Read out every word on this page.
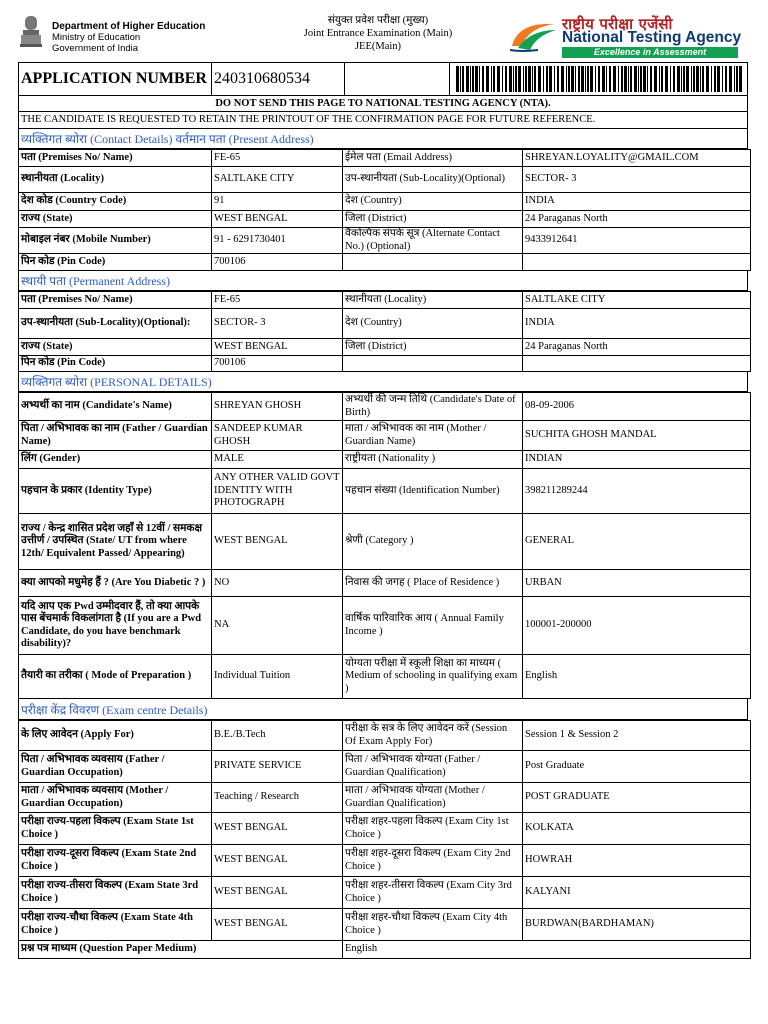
Department of Higher Education
Ministry of Education
Government of India
संयुक्त प्रवेश परीक्षा (मुख्य)
Joint Entrance Examination (Main)
JEE(Main)
राष्ट्रीय परीक्षा एजेंसी
National Testing Agency
Excellence in Assessment
APPLICATION NUMBER 240310680534
DO NOT SEND THIS PAGE TO NATIONAL TESTING AGENCY (NTA).
THE CANDIDATE IS REQUESTED TO RETAIN THE PRINTOUT OF THE CONFIRMATION PAGE FOR FUTURE REFERENCE.
व्यक्तिगत ब्योरा (Contact Details) वर्तमान पता (Present Address)
पता (Premises No/ Name)	FE-65	ईमेल पता (Email Address)	SHREYAN.LOYALITY@GMAIL.COM
स्थानीयता (Locality)	SALTLAKE CITY	उप-स्थानीयता (Sub-Locality)(Optional)	SECTOR- 3
देश कोड (Country Code)	91	देश (Country)	INDIA
राज्य (State)	WEST BENGAL	जिला (District)	24 Paraganas North
मोबाइल नंबर (Mobile Number)	91 - 6291730401	वैकल्पिक संपर्क सूत्र (Alternate Contact No.) (Optional)	9433912641
पिन कोड (Pin Code)	700106		
स्थायी पता (Permanent Address)
पता (Premises No/ Name)	FE-65	स्थानीयता (Locality)	SALTLAKE CITY
उप-स्थानीयता (Sub-Locality)(Optional):	SECTOR- 3	देश (Country)	INDIA
राज्य (State)	WEST BENGAL	जिला (District)	24 Paraganas North
पिन कोड (Pin Code)	700106		
व्यक्तिगत ब्योरा (PERSONAL DETAILS)
अभ्यर्थी का नाम (Candidate's Name)	SHREYAN GHOSH	अभ्यर्थी की जन्म तिथि (Candidate's Date of Birth)	08-09-2006
पिता / अभिभावक का नाम (Father / Guardian Name)	SANDEEP KUMAR GHOSH	माता / अभिभावक का नाम (Mother / Guardian Name)	SUCHITA GHOSH MANDAL
लिंग (Gender)	MALE	राष्ट्रीयता (Nationality )	INDIAN
पहचान के प्रकार (Identity Type)	ANY OTHER VALID GOVT IDENTITY WITH PHOTOGRAPH	पहचान संख्या (Identification Number)	398211289244
राज्य / केन्द्र शासित प्रदेश जहाँ से 12वीं / समकक्ष उत्तीर्ण / उपस्थित (State/ UT from where 12th/ Equivalent Passed/ Appearing)	WEST BENGAL	श्रेणी (Category )	GENERAL
क्या आपको मधुमेह हैं ? (Are You Diabetic ? )	NO	निवास की जगह ( Place of Residence )	URBAN
यदि आप एक Pwd उम्मीदवार हैं, तो क्या आपके पास बेंचमार्क विकलांगता है (If you are a Pwd Candidate, do you have benchmark disability)?	NA	वार्षिक पारिवारिक आय ( Annual Family Income )	100001-200000
तैयारी का तरीका ( Mode of Preparation )	Individual Tuition	योग्यता परीक्षा में स्कूली शिक्षा का माध्यम ( Medium of schooling in qualifying exam )	English
परीक्षा केंद्र विवरण (Exam centre Details)
के लिए आवेदन (Apply For)	B.E./B.Tech	परीक्षा के सत्र के लिए आवेदन करें (Session Of Exam Apply For)	Session 1 & Session 2
पिता / अभिभावक व्यवसाय (Father / Guardian Occupation)	PRIVATE SERVICE	पिता / अभिभावक योग्यता (Father / Guardian Qualification)	Post Graduate
माता / अभिभावक व्यवसाय (Mother / Guardian Occupation)	Teaching / Research	माता / अभिभावक योग्यता (Mother / Guardian Qualification)	POST GRADUATE
परीक्षा राज्य-पहला विकल्प (Exam State 1st Choice )	WEST BENGAL	परीक्षा शहर-पहला विकल्प (Exam City 1st Choice )	KOLKATA
परीक्षा राज्य-दूसरा विकल्प (Exam State 2nd Choice )	WEST BENGAL	परीक्षा शहर-दूसरा विकल्प (Exam City 2nd Choice )	HOWRAH
परीक्षा राज्य-तीसरा विकल्प (Exam State 3rd Choice )	WEST BENGAL	परीक्षा शहर-तीसरा विकल्प (Exam City 3rd Choice )	KALYANI
परीक्षा राज्य-चौथा विकल्प (Exam State 4th Choice )	WEST BENGAL	परीक्षा शहर-चौथा विकल्प (Exam City 4th Choice )	BURDWAN(BARDHAMAN)
प्रश्न पत्र माध्यम (Question Paper Medium)		English	
